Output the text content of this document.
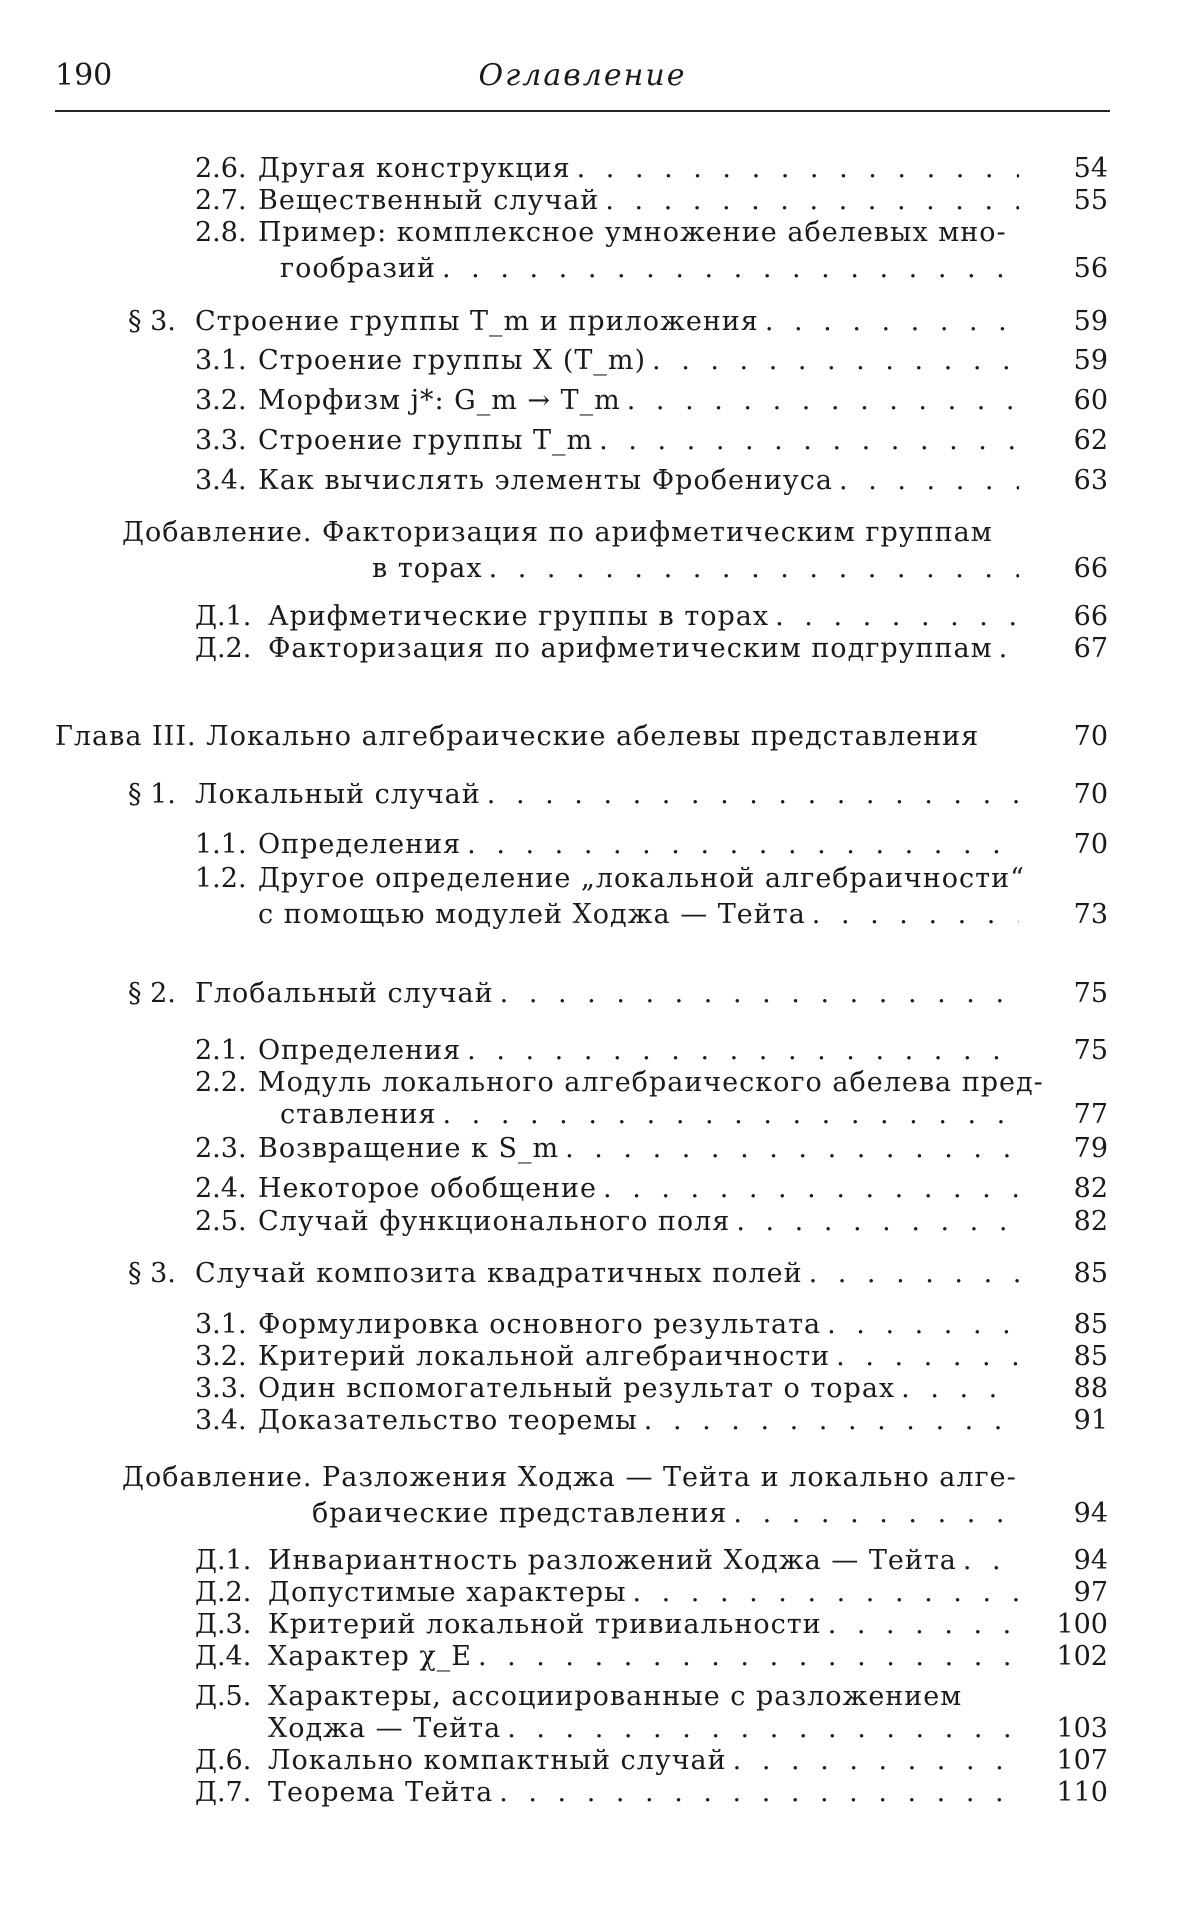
190	Оглавление
2.6. Другая конструкция . . .	54
2.7. Вещественный случай . . .	55
2.8. Пример: комплексное умножение абелевых мно-
гообразий . . .	56
§ 3. Строение группы T_m и приложения . . .	59
3.1. Строение группы X (T_m) . . .	59
3.2. Морфизм j*: G_m → T_m . . .	60
3.3. Строение группы T_m . . .	62
3.4. Как вычислять элементы Фробениуса . . .	63
Добавление. Факторизация по арифметическим группам
в торах . . .	66
Д.1. Арифметические группы в торах . . .	66
Д.2. Факторизация по арифметическим подгруппам . . .	67
Глава III. Локально алгебраические абелевы представления	70
§ 1. Локальный случай . . .	70
1.1. Определения . . .	70
1.2. Другое определение „локальной алгебраичности“
с помощью модулей Ходжа — Тейта . . .	73
§ 2. Глобальный случай . . .	75
2.1. Определения . . .	75
2.2. Модуль локального алгебраического абелева пред-
ставления . . .	77
2.3. Возвращение к S_m . . .	79
2.4. Некоторое обобщение . . .	82
2.5. Случай функционального поля . . .	82
§ 3. Случай композита квадратичных полей . . .	85
3.1. Формулировка основного результата . . .	85
3.2. Критерий локальной алгебраичности . . .	85
3.3. Один вспомогательный результат о торах . . .	88
3.4. Доказательство теоремы . . .	91
Добавление. Разложения Ходжа — Тейта и локально алге-
браические представления . . .	94
Д.1. Инвариантность разложений Ходжа — Тейта . . .	94
Д.2. Допустимые характеры . . .	97
Д.3. Критерий локальной тривиальности . . .	100
Д.4. Характер χ_E . . .	102
Д.5. Характеры, ассоциированные с разложением
Ходжа — Тейта . . .	103
Д.6. Локально компактный случай . . .	107
Д.7. Теорема Тейта . . .	110
